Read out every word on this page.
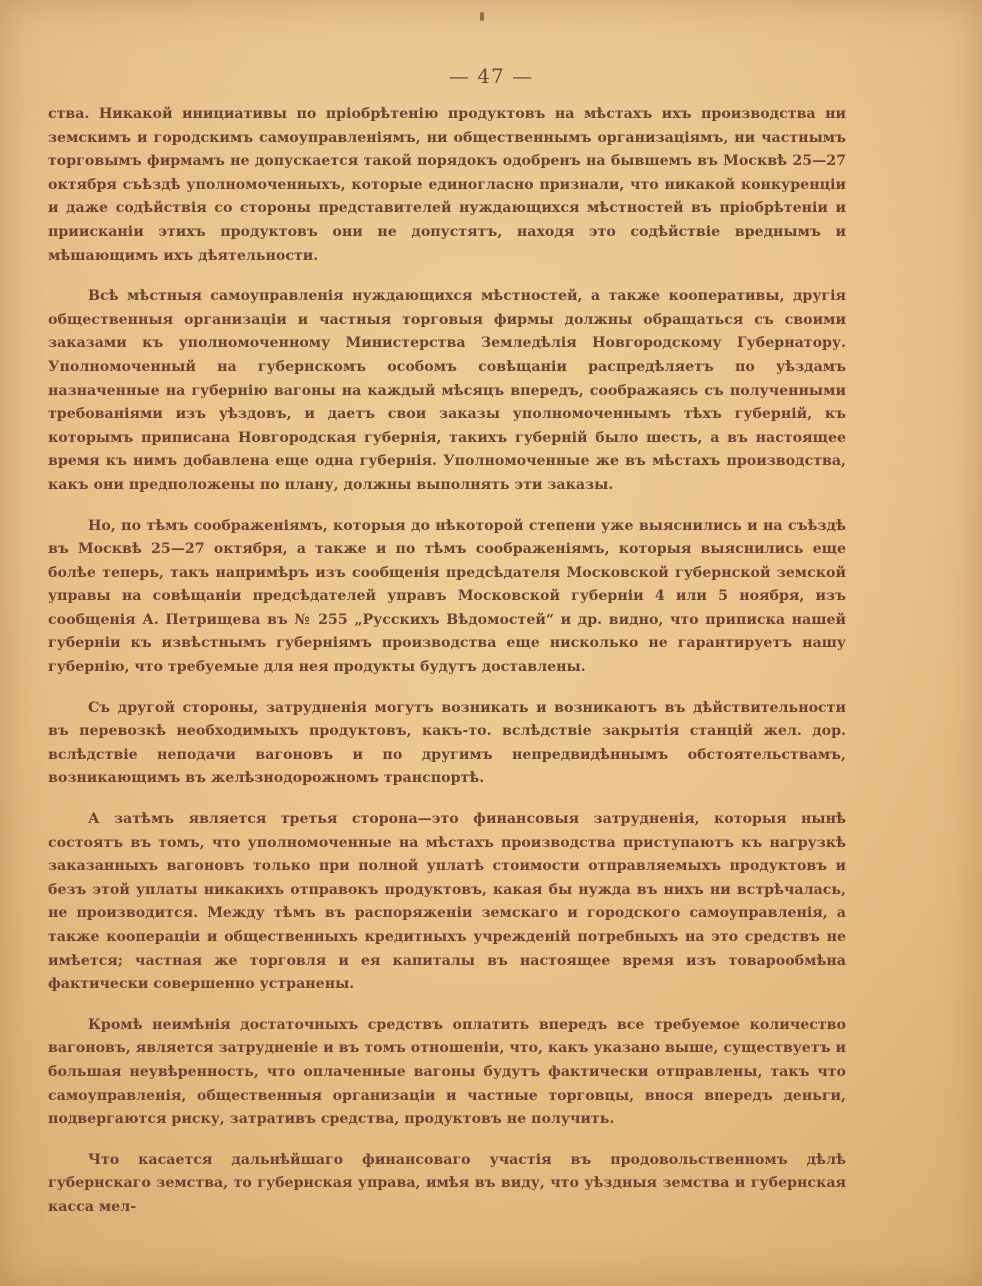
— 47 —

ства. Никакой инициативы по пріобрѣтенію продуктовъ на мѣстахъ ихъ производства ни земскимъ и городскимъ самоуправленіямъ, ни общественнымъ организаціямъ, ни частнымъ торговымъ фирмамъ не допускается такой порядокъ одобренъ на бывшемъ въ Москвѣ 25—27 октября съѣздѣ уполномоченныхъ, которые единогласно признали, что никакой конкуренціи и даже содѣйствія со стороны представителей нуждающихся мѣстностей въ пріобрѣтеніи и приисканіи этихъ продуктовъ они не допустятъ, находя это содѣйствіе вреднымъ и мѣшающимъ ихъ дѣятельности.

Всѣ мѣстныя самоуправленія нуждающихся мѣстностей, а также кооперативы, другія общественныя организаціи и частныя торговыя фирмы должны обращаться съ своими заказами къ уполномоченному Министерства Земледѣлія Новгородскому Губернатору. Уполномоченный на губернскомъ особомъ совѣщаніи распредѣляетъ по уѣздамъ назначенные на губернію вагоны на каждый мѣсяцъ впередъ, соображаясь съ полученными требованіями изъ уѣздовъ, и даетъ свои заказы уполномоченнымъ тѣхъ губерній, къ которымъ приписана Новгородская губернія, такихъ губерній было шесть, а въ настоящее время къ нимъ добавлена еще одна губернія. Уполномоченные же въ мѣстахъ производства, какъ они предположены по плану, должны выполнять эти заказы.

Но, по тѣмъ соображеніямъ, которыя до нѣкоторой степени уже выяснились и на съѣздѣ въ Москвѣ 25—27 октября, а также и по тѣмъ соображеніямъ, которыя выяснились еще болѣе теперь, такъ напримѣръ изъ сообщенія предсѣдателя Московской губернской земской управы на совѣщаніи предсѣдателей управъ Московской губерніи 4 или 5 ноября, изъ сообщенія А. Петрищева въ № 255 „Русскихъ Вѣдомостей“ и др. видно, что приписка нашей губерніи къ извѣстнымъ губерніямъ производства еще нисколько не гарантируетъ нашу губернію, что требуемые для нея продукты будутъ доставлены.

Съ другой стороны, затрудненія могутъ возникать и возникаютъ въ дѣйствительности въ перевозкѣ необходимыхъ продуктовъ, какъ-то. вслѣдствіе закрытія станцій жел. дор. вслѣдствіе неподачи вагоновъ и по другимъ непредвидѣннымъ обстоятельствамъ, возникающимъ въ желѣзнодорожномъ транспортѣ.

А затѣмъ является третья сторона—это финансовыя затрудненія, которыя нынѣ состоятъ въ томъ, что уполномоченные на мѣстахъ производства приступаютъ къ нагрузкѣ заказанныхъ вагоновъ только при полной уплатѣ стоимости отправляемыхъ продуктовъ и безъ этой уплаты никакихъ отправокъ продуктовъ, какая бы нужда въ нихъ ни встрѣчалась, не производится. Между тѣмъ въ распоряженіи земскаго и городского самоуправленія, а также коопераціи и общественныхъ кредитныхъ учрежденій потребныхъ на это средствъ не имѣется; частная же торговля и ея капиталы въ настоящее время изъ товарообмѣна фактически совершенно устранены.

Кромѣ неимѣнія достаточныхъ средствъ оплатить впередъ все требуемое количество вагоновъ, является затрудненіе и въ томъ отношеніи, что, какъ указано выше, существуетъ и большая неувѣренность, что оплаченные вагоны будутъ фактически отправлены, такъ что самоуправленія, общественныя организаціи и частные торговцы, внося впередъ деньги, подвергаются риску, затративъ средства, продуктовъ не получить.

Что касается дальнѣйшаго финансоваго участія въ продовольственномъ дѣлѣ губернскаго земства, то губернская управа, имѣя въ виду, что уѣздныя земства и губернская касса мел-
